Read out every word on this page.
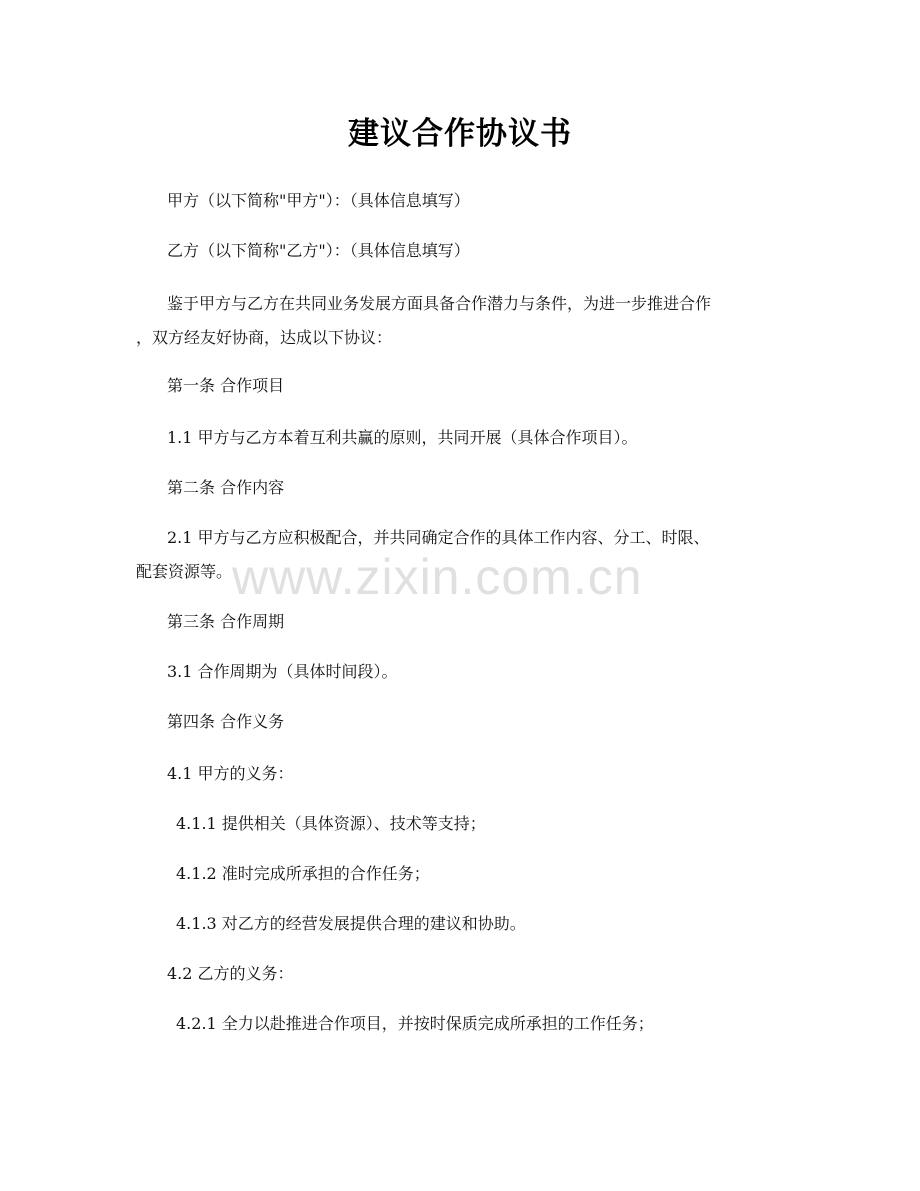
建议合作协议书
甲方（以下简称"甲方"）：（具体信息填写）
乙方（以下简称"乙方"）：（具体信息填写）
鉴于甲方与乙方在共同业务发展方面具备合作潜力与条件，为进一步推进合作
，双方经友好协商，达成以下协议：
第一条 合作项目
1.1 甲方与乙方本着互利共赢的原则，共同开展（具体合作项目）。
第二条 合作内容
2.1 甲方与乙方应积极配合，并共同确定合作的具体工作内容、分工、时限、
配套资源等。
第三条 合作周期
3.1 合作周期为（具体时间段）。
第四条 合作义务
4.1 甲方的义务：
4.1.1 提供相关（具体资源）、技术等支持；
4.1.2 准时完成所承担的合作任务；
4.1.3 对乙方的经营发展提供合理的建议和协助。
4.2 乙方的义务：
4.2.1 全力以赴推进合作项目，并按时保质完成所承担的工作任务；
www.zixin.com.cn
